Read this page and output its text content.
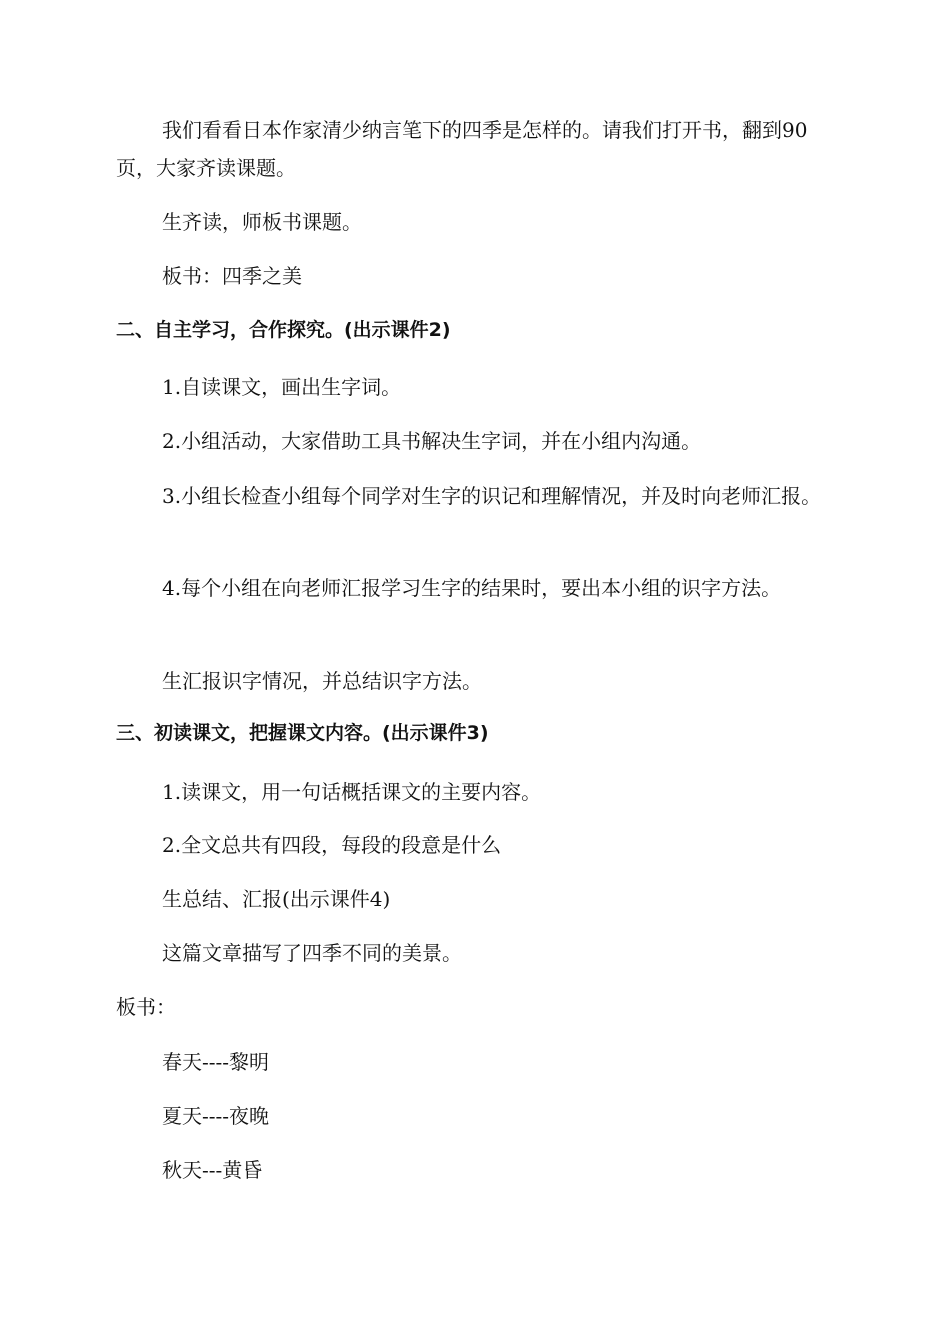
我们看看日本作家清少纳言笔下的四季是怎样的。请我们打开书，翻到90页，大家齐读课题。

生齐读，师板书课题。

板书：四季之美

二、自主学习，合作探究。(出示课件2)

1.自读课文，画出生字词。

2.小组活动，大家借助工具书解决生字词，并在小组内沟通。

3.小组长检查小组每个同学对生字的识记和理解情况，并及时向老师汇报。

4.每个小组在向老师汇报学习生字的结果时，要出本小组的识字方法。

生汇报识字情况，并总结识字方法。

三、初读课文，把握课文内容。(出示课件3)

1.读课文，用一句话概括课文的主要内容。

2.全文总共有四段，每段的段意是什么

生总结、汇报(出示课件4)

这篇文章描写了四季不同的美景。

板书：

春天----黎明

夏天----夜晚

秋天---黄昏
